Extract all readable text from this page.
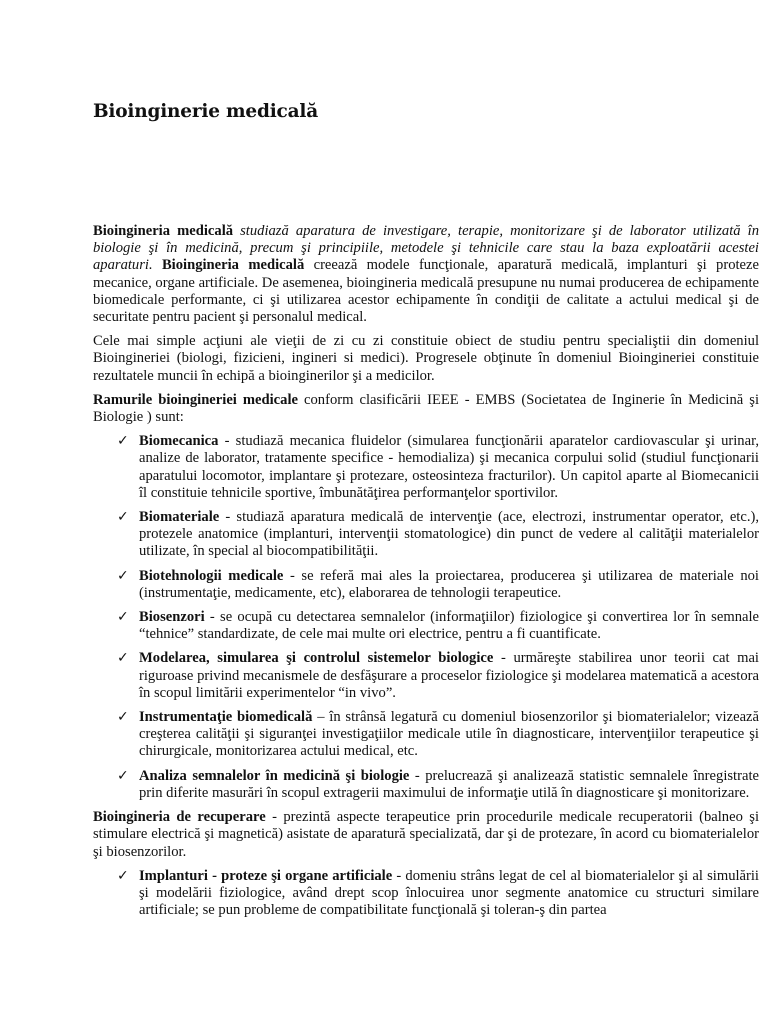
Bioinginerie medicală

Bioingineria medicală studiază aparatura de investigare, terapie, monitorizare şi de laborator utilizată în biologie şi în medicină, precum şi principiile, metodele şi tehnicile care stau la baza exploatării acestei aparaturi. Bioingineria medicală creează modele funcţionale, aparatură medicală, implanturi şi proteze mecanice, organe artificiale. De asemenea, bioingineria medicală presupune nu numai producerea de echipamente biomedicale performante, ci şi utilizarea acestor echipamente în condiţii de calitate a actului medical şi de securitate pentru pacient şi personalul medical.

Cele mai simple acţiuni ale vieţii de zi cu zi constituie obiect de studiu pentru specialiştii din domeniul Bioingineriei (biologi, fizicieni, ingineri si medici). Progresele obţinute în domeniul Bioingineriei constituie rezultatele muncii în echipă a bioinginerilor şi a medicilor.

Ramurile bioingineriei medicale conform clasificării IEEE - EMBS (Societatea de Inginerie în Medicină şi Biologie ) sunt:

✓ Biomecanica - studiază mecanica fluidelor (simularea funcţionării aparatelor cardiovascular şi urinar, analize de laborator, tratamente specifice - hemodializa) şi mecanica corpului solid (studiul funcţionarii aparatului locomotor, implantare şi protezare, osteosinteza fracturilor). Un capitol aparte al Biomecanicii îl constituie tehnicile sportive, îmbunătăţirea performanţelor sportivilor.
✓ Biomateriale - studiază aparatura medicală de intervenţie (ace, electrozi, instrumentar operator, etc.), protezele anatomice (implanturi, intervenţii stomatologice) din punct de vedere al calităţii materialelor utilizate, în special al biocompatibilităţii.
✓ Biotehnologii medicale - se referă mai ales la proiectarea, producerea şi utilizarea de materiale noi (instrumentaţie, medicamente, etc), elaborarea de tehnologii terapeutice.
✓ Biosenzori - se ocupă cu detectarea semnalelor (informaţiilor) fiziologice şi convertirea lor în semnale “tehnice” standardizate, de cele mai multe ori electrice, pentru a fi cuantificate.
✓ Modelarea, simularea şi controlul sistemelor biologice - urmăreşte stabilirea unor teorii cat mai riguroase privind mecanismele de desfăşurare a proceselor fiziologice şi modelarea matematică a acestora în scopul limitării experimentelor “in vivo”.
✓ Instrumentaţie biomedicală – în strânsă legatură cu domeniul biosenzorilor şi biomaterialelor; vizează creşterea calităţii şi siguranţei investigaţiilor medicale utile în diagnosticare, intervenţiilor terapeutice şi chirurgicale, monitorizarea actului medical, etc.
✓ Analiza semnalelor în medicină şi biologie - prelucrează şi analizează statistic semnalele înregistrate prin diferite masurări în scopul extragerii maximului de informaţie utilă în diagnosticare şi monitorizare.

Bioingineria de recuperare - prezintă aspecte terapeutice prin procedurile medicale recuperatorii (balneo şi stimulare electrică şi magnetică) asistate de aparatură specializată, dar şi de protezare, în acord cu biomaterialelor şi biosenzorilor.

✓ Implanturi - proteze şi organe artificiale - domeniu strâns legat de cel al biomaterialelor şi al simulării şi modelării fiziologice, având drept scop înlocuirea unor segmente anatomice cu structuri similare artificiale; se pun probleme de compatibilitate funcţională şi toleran-ş din partea
